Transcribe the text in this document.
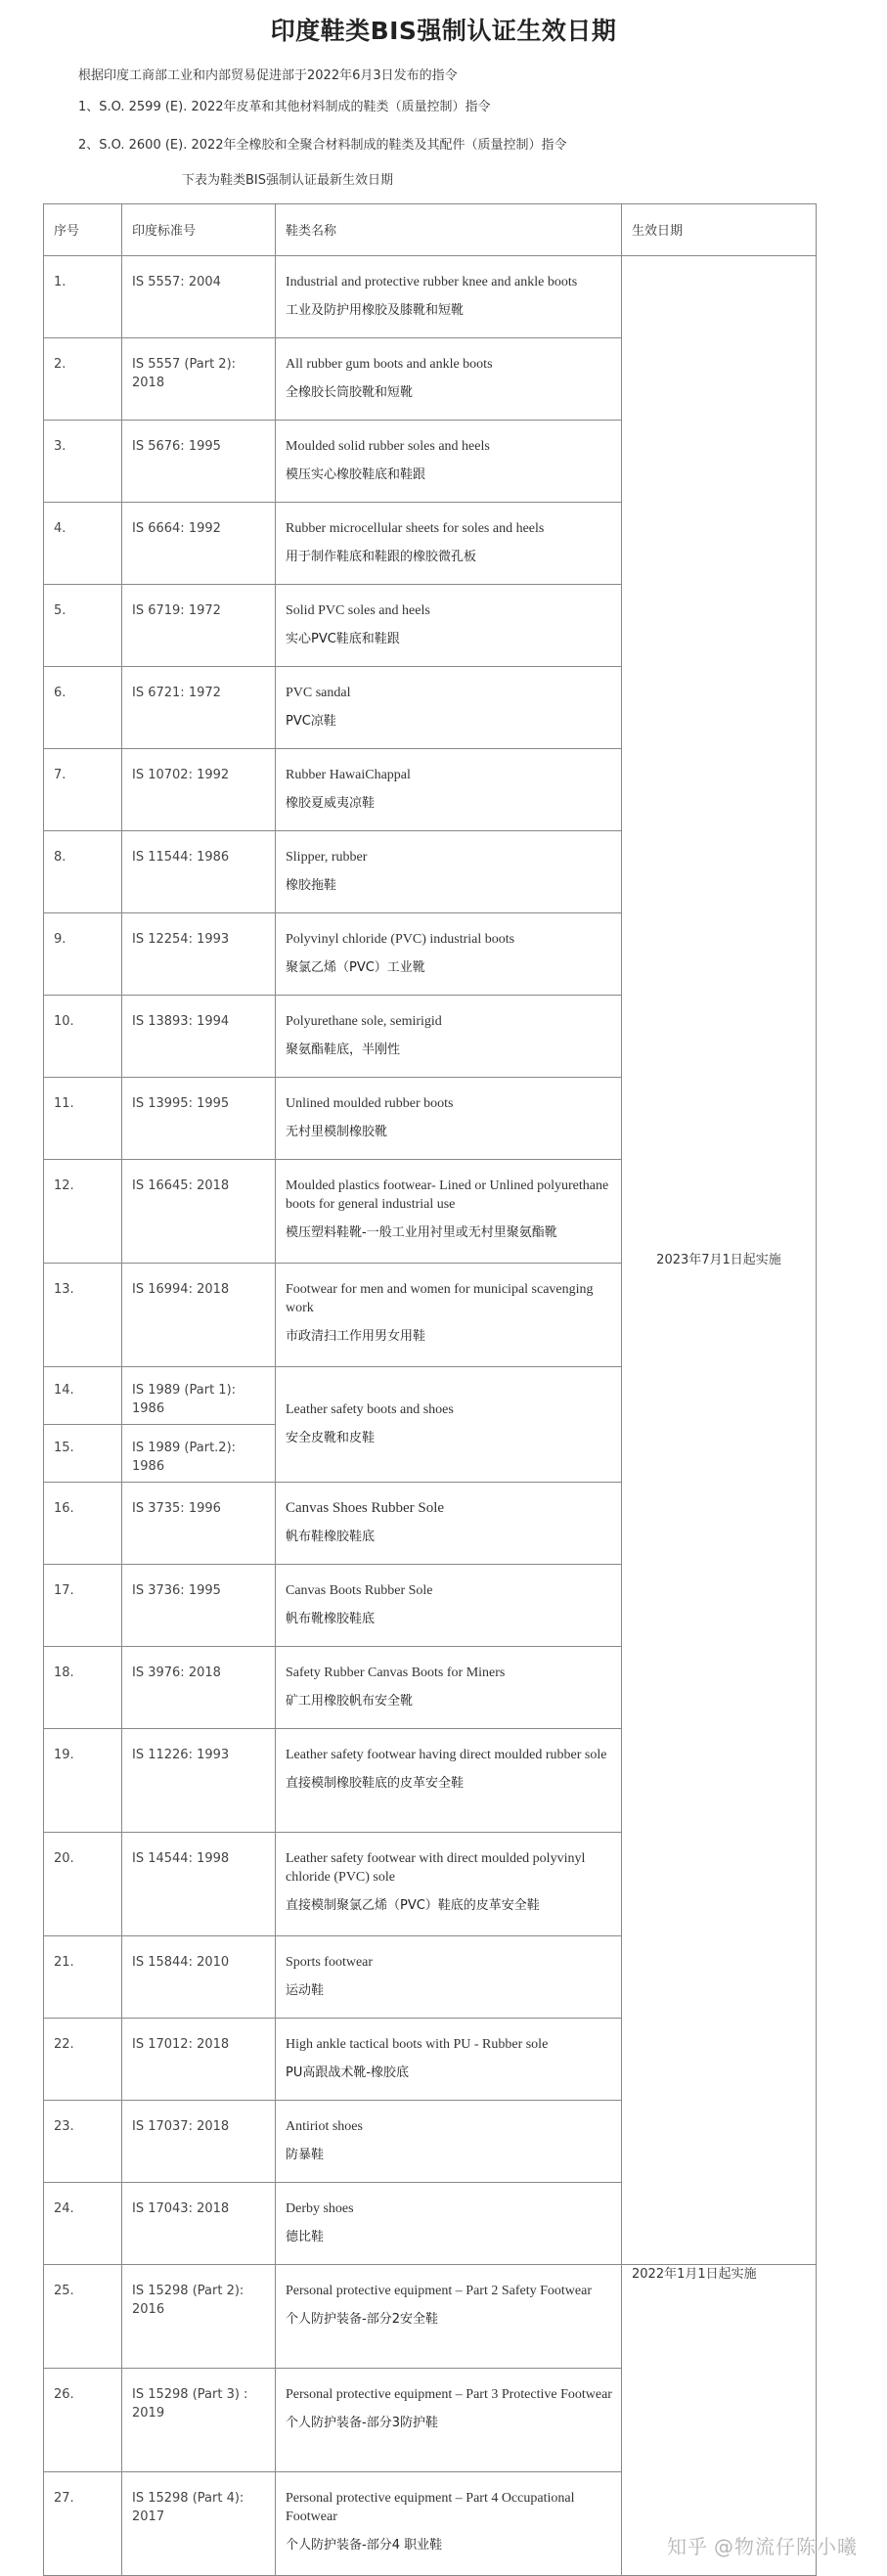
印度鞋类BIS强制认证生效日期
根据印度工商部工业和内部贸易促进部于2022年6月3日发布的指令
1、S.O. 2599 (E). 2022年皮革和其他材料制成的鞋类（质量控制）指令
2、S.O. 2600 (E). 2022年全橡胶和全聚合材料制成的鞋类及其配件（质量控制）指令
下表为鞋类BIS强制认证最新生效日期
序号	印度标准号	鞋类名称	生效日期

1.	IS 5557: 2004	Industrial and protective rubber knee and ankle boots
工业及防护用橡胶及膝靴和短靴	2023年7月1日起实施

2.	IS 5557 (Part 2): 2018	All rubber gum boots and ankle boots
全橡胶长筒胶靴和短靴	

3.	IS 5676: 1995	Moulded solid rubber soles and heels
模压实心橡胶鞋底和鞋跟	

4.	IS 6664: 1992	Rubber microcellular sheets for soles and heels
用于制作鞋底和鞋跟的橡胶微孔板	

5.	IS 6719: 1972	Solid PVC soles and heels
实心PVC鞋底和鞋跟	

6.	IS 6721: 1972	PVC sandal
PVC凉鞋	

7.	IS 10702: 1992	Rubber HawaiChappal
橡胶夏威夷凉鞋	

8.	IS 11544: 1986	Slipper, rubber
橡胶拖鞋	

9.	IS 12254: 1993	Polyvinyl chloride (PVC) industrial boots
聚氯乙烯（PVC）工业靴	

10.	IS 13893: 1994	Polyurethane sole, semirigid
聚氨酯鞋底，半刚性	

11.	IS 13995: 1995	Unlined moulded rubber boots
无村里模制橡胶靴	

12.	IS 16645: 2018	Moulded plastics footwear- Lined or Unlined polyurethane boots for general industrial use
模压塑料鞋靴-一般工业用衬里或无村里聚氨酯靴	

13.	IS 16994: 2018	Footwear for men and women for municipal scavenging work
市政清扫工作用男女用鞋	

14.	IS 1989 (Part 1): 1986	Leather safety boots and shoes
安全皮靴和皮鞋	

15.	IS 1989 (Part.2): 1986		

16.	IS 3735: 1996	Canvas Shoes Rubber Sole
帆布鞋橡胶鞋底	

17.	IS 3736: 1995	Canvas Boots Rubber Sole
帆布靴橡胶鞋底	

18.	IS 3976: 2018	Safety Rubber Canvas Boots for Miners
矿工用橡胶帆布安全靴	

19.	IS 11226: 1993	Leather safety footwear having direct moulded rubber sole
直接模制橡胶鞋底的皮革安全鞋	

20.	IS 14544: 1998	Leather safety footwear with direct moulded polyvinyl chloride (PVC) sole
直接模制聚氯乙烯（PVC）鞋底的皮革安全鞋	

21.	IS 15844: 2010	Sports footwear
运动鞋	

22.	IS 17012: 2018	High ankle tactical boots with PU - Rubber sole
PU高跟战术靴-橡胶底	

23.	IS 17037: 2018	Antiriot shoes
防暴鞋	

24.	IS 17043: 2018	Derby shoes
德比鞋	

25.	IS 15298 (Part 2): 2016	Personal protective equipment – Part 2 Safety Footwear
个人防护装备-部分2安全鞋	2022年1月1日起实施

26.	IS 15298 (Part 3) : 2019	Personal protective equipment – Part 3 Protective Footwear
个人防护装备-部分3防护鞋	

27.	IS 15298 (Part 4): 2017	Personal protective equipment – Part 4 Occupational Footwear
个人防护装备-部分4 职业鞋		知乎 @物流仔陈小曦
